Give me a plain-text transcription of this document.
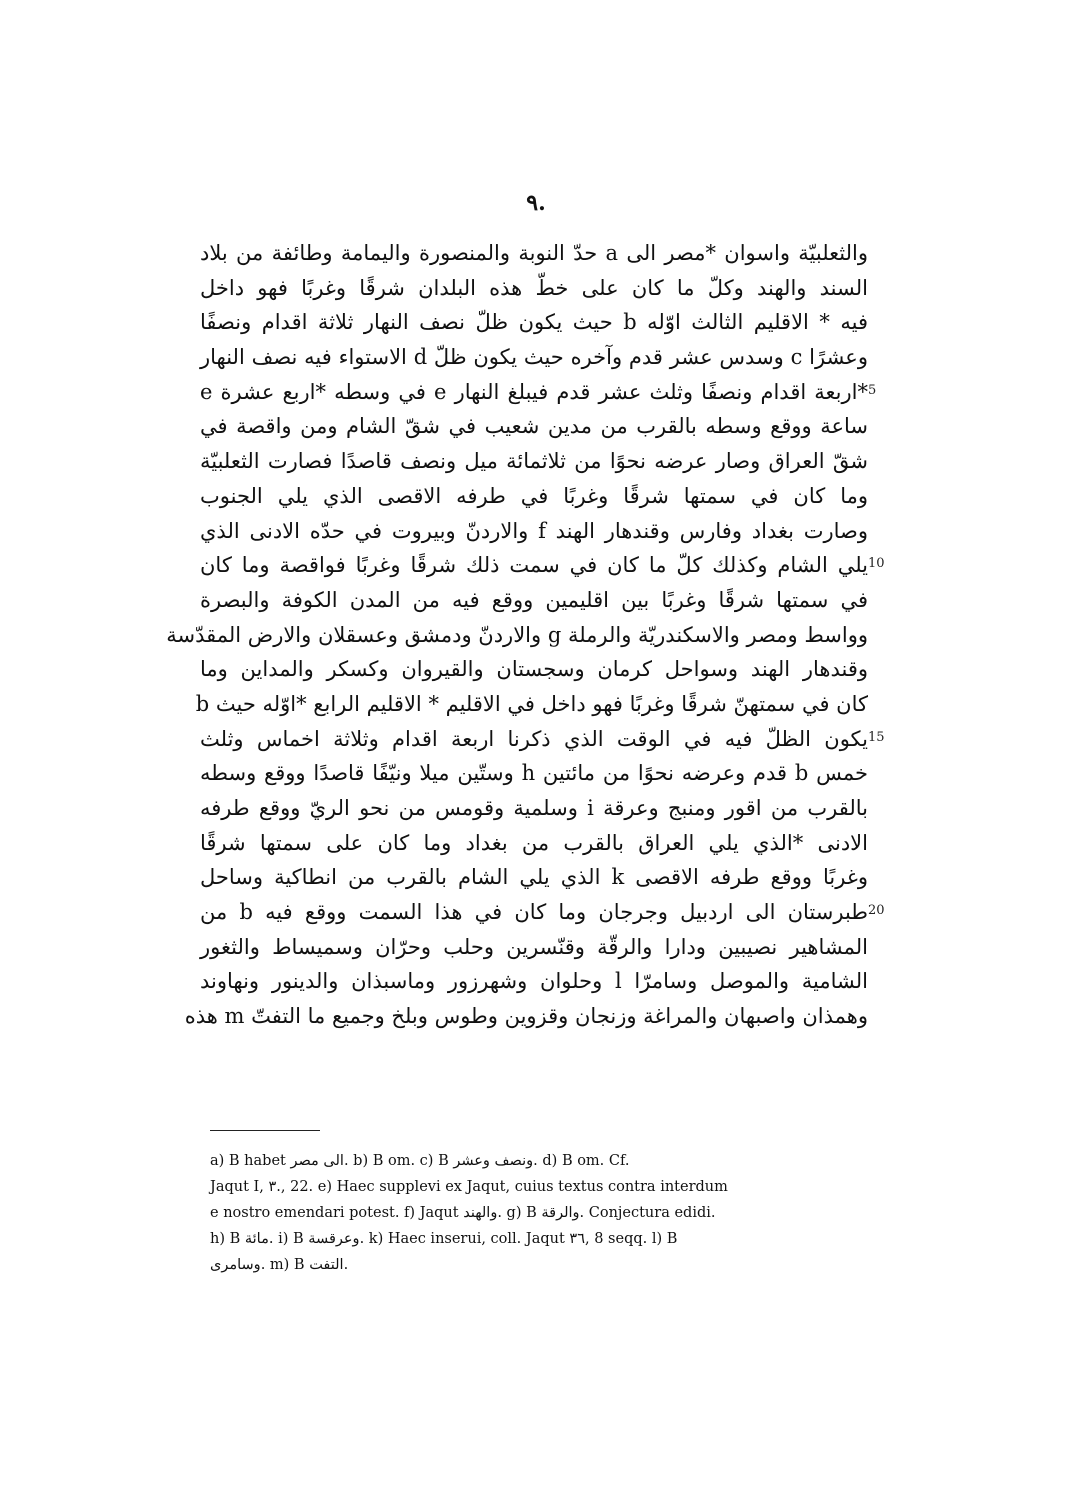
٩.
والثعلبيّة واسوان *مصر الى a حدّ النوبة والمنصورة واليمامة وطائفة من بلاد
السند والهند وكلّ ما كان على خطّ هذه البلدان شرقًا وغربًا فهو داخل
فيه * الاقليم الثالث اوّله b حيث يكون ظلّ نصف النهار ثلاثة اقدام ونصفًا
وعشرًا c وسدس عشر قدم وآخره حيث يكون ظلّ d الاستواء فيه نصف النهار
*اربعة اقدام ونصفًا وثلث عشر قدم فيبلغ النهار e في وسطه *اربع عشرة e
ساعة ووقع وسطه بالقرب من مدين شعيب في شقّ الشام ومن واقصة في
شقّ العراق وصار عرضه نحوًا من ثلاثمائة ميل ونصف قاصدًا فصارت الثعلبيّة
وما كان في سمتها شرقًا وغربًا في طرفه الاقصى الذي يلي الجنوب
وصارت بغداد وفارس وقندهار الهند f والاردنّ وبيروت في حدّه الادنى الذي
يلي الشام وكذلك كلّ ما كان في سمت ذلك شرقًا وغربًا فواقصة وما كان
في سمتها شرقًا وغربًا بين اقليمين ووقع فيه من المدن الكوفة والبصرة
وواسط ومصر والاسكندريّة والرملة g والاردنّ ودمشق وعسقلان والارض المقدّسة
وقندهار الهند وسواحل كرمان وسجستان والقيروان وكسكر والمداين وما
كان في سمتهنّ شرقًا وغربًا فهو داخل في الاقليم * الاقليم الرابع *اوّله حيث b
يكون الظلّ فيه في الوقت الذي ذكرنا اربعة اقدام وثلاثة اخماس وثلث
خمس b قدم وعرضه نحوًا من مائتين h وستّين ميلا ونيّفًا قاصدًا ووقع وسطه
بالقرب من اقور ومنبج وعرقة i وسلمية وقومس من نحو الريّ ووقع طرفه
الادنى *الذي يلي العراق بالقرب من بغداد وما كان على سمتها شرقًا
وغربًا ووقع طرفه الاقصى k الذي يلي الشام بالقرب من انطاكية وساحل
طبرستان الى اردبيل وجرجان وما كان في هذا السمت ووقع فيه b من
المشاهير نصيبين ودارا والرقّة وقنّسرين وحلب وحرّان وسميساط والثغور
الشامية والموصل وسامرّا l وحلوان وشهرزور وماسبذان والدينور ونهاوند
وهمذان واصبهان والمراغة وزنجان وقزوين وطوس وبلخ وجميع ما التفتّ m هذه
a) B habet الى مصر. b) B om. c) B ونصف وعشر. d) B om. Cf.
Jaqut I, ٣., 22. e) Haec supplevi ex Jaqut, cuius textus contra interdum
e nostro emendari potest. f) Jaqut والهند. g) B والرقة. Conjectura edidi.
h) B مائة. i) B وعرقسة. k) Haec inserui, coll. Jaqut ٣٦, 8 seqq. l) B
وسامرى. m) B التفت.
5
10
15
20
